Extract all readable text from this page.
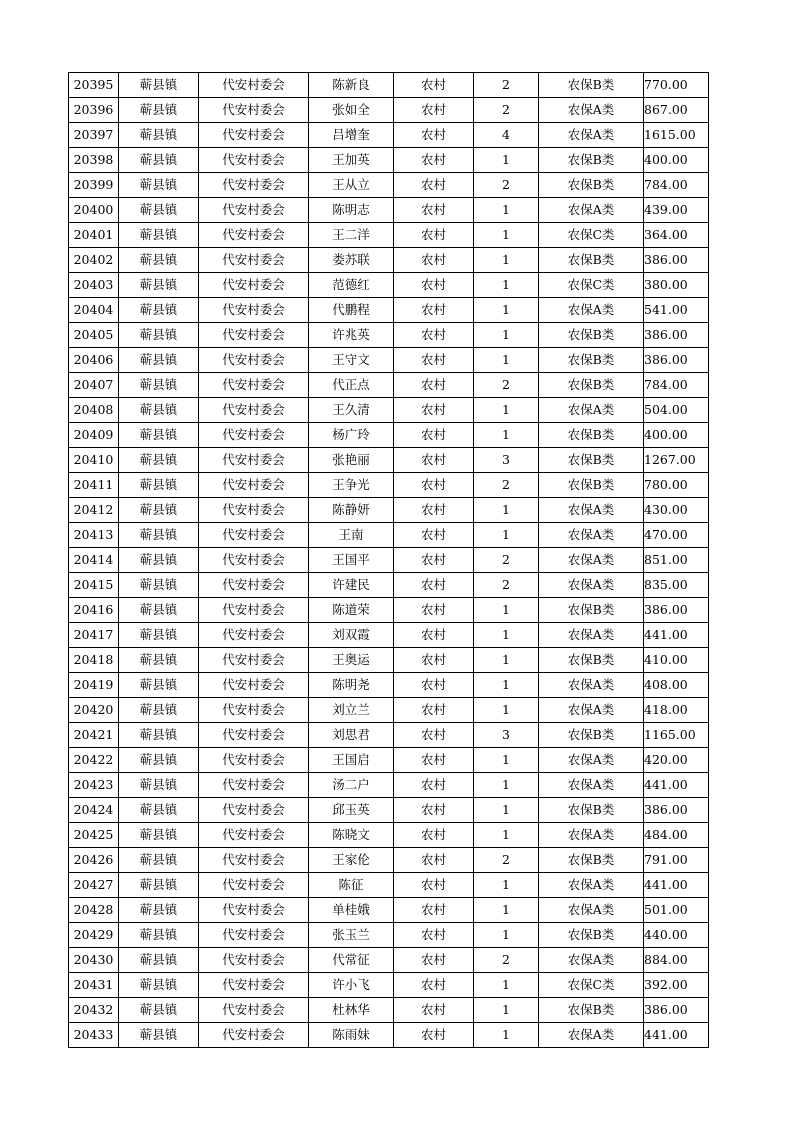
20395	蕲县镇	代安村委会	陈新良	农村	2	农保B类	770.00
20396	蕲县镇	代安村委会	张如全	农村	2	农保A类	867.00
20397	蕲县镇	代安村委会	吕增奎	农村	4	农保A类	1615.00
20398	蕲县镇	代安村委会	王加英	农村	1	农保B类	400.00
20399	蕲县镇	代安村委会	王从立	农村	2	农保B类	784.00
20400	蕲县镇	代安村委会	陈明志	农村	1	农保A类	439.00
20401	蕲县镇	代安村委会	王二洋	农村	1	农保C类	364.00
20402	蕲县镇	代安村委会	娄苏联	农村	1	农保B类	386.00
20403	蕲县镇	代安村委会	范德红	农村	1	农保C类	380.00
20404	蕲县镇	代安村委会	代鹏程	农村	1	农保A类	541.00
20405	蕲县镇	代安村委会	许兆英	农村	1	农保B类	386.00
20406	蕲县镇	代安村委会	王守文	农村	1	农保B类	386.00
20407	蕲县镇	代安村委会	代正点	农村	2	农保B类	784.00
20408	蕲县镇	代安村委会	王久清	农村	1	农保A类	504.00
20409	蕲县镇	代安村委会	杨广玲	农村	1	农保B类	400.00
20410	蕲县镇	代安村委会	张艳丽	农村	3	农保B类	1267.00
20411	蕲县镇	代安村委会	王争光	农村	2	农保B类	780.00
20412	蕲县镇	代安村委会	陈静妍	农村	1	农保A类	430.00
20413	蕲县镇	代安村委会	王南	农村	1	农保A类	470.00
20414	蕲县镇	代安村委会	王国平	农村	2	农保A类	851.00
20415	蕲县镇	代安村委会	许建民	农村	2	农保A类	835.00
20416	蕲县镇	代安村委会	陈道荣	农村	1	农保B类	386.00
20417	蕲县镇	代安村委会	刘双霞	农村	1	农保A类	441.00
20418	蕲县镇	代安村委会	王奥运	农村	1	农保B类	410.00
20419	蕲县镇	代安村委会	陈明尧	农村	1	农保A类	408.00
20420	蕲县镇	代安村委会	刘立兰	农村	1	农保A类	418.00
20421	蕲县镇	代安村委会	刘思君	农村	3	农保B类	1165.00
20422	蕲县镇	代安村委会	王国启	农村	1	农保A类	420.00
20423	蕲县镇	代安村委会	汤二户	农村	1	农保A类	441.00
20424	蕲县镇	代安村委会	邱玉英	农村	1	农保B类	386.00
20425	蕲县镇	代安村委会	陈晓文	农村	1	农保A类	484.00
20426	蕲县镇	代安村委会	王家伦	农村	2	农保B类	791.00
20427	蕲县镇	代安村委会	陈征	农村	1	农保A类	441.00
20428	蕲县镇	代安村委会	单桂娥	农村	1	农保A类	501.00
20429	蕲县镇	代安村委会	张玉兰	农村	1	农保B类	440.00
20430	蕲县镇	代安村委会	代常征	农村	2	农保A类	884.00
20431	蕲县镇	代安村委会	许小飞	农村	1	农保C类	392.00
20432	蕲县镇	代安村委会	杜林华	农村	1	农保B类	386.00
20433	蕲县镇	代安村委会	陈雨妹	农村	1	农保A类	441.00
